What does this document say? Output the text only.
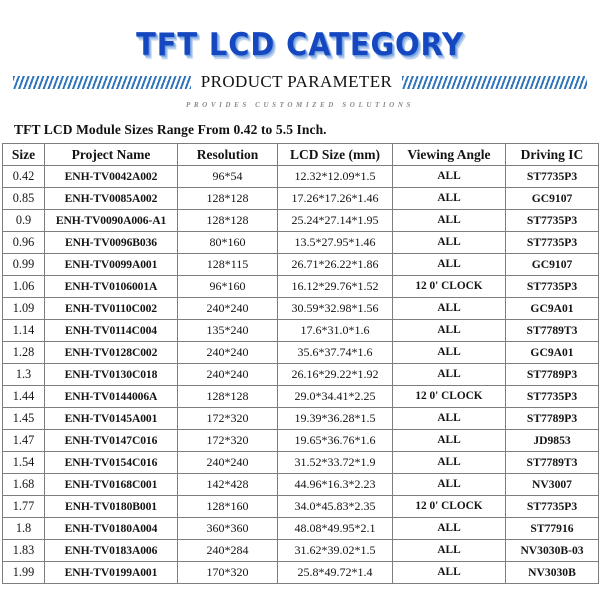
TFT LCD CATEGORY
PRODUCT PARAMETER
PROVIDES CUSTOMIZED SOLUTIONS
TFT LCD Module Sizes Range From 0.42 to 5.5 Inch.
Size	Project Name	Resolution	LCD Size (mm)	Viewing Angle	Driving IC
0.42	ENH-TV0042A002	96*54	12.32*12.09*1.5	ALL	ST7735P3
0.85	ENH-TV0085A002	128*128	17.26*17.26*1.46	ALL	GC9107
0.9	ENH-TV0090A006-A1	128*128	25.24*27.14*1.95	ALL	ST7735P3
0.96	ENH-TV0096B036	80*160	13.5*27.95*1.46	ALL	ST7735P3
0.99	ENH-TV0099A001	128*115	26.71*26.22*1.86	ALL	GC9107
1.06	ENH-TV0106001A	96*160	16.12*29.76*1.52	12 0' CLOCK	ST7735P3
1.09	ENH-TV0110C002	240*240	30.59*32.98*1.56	ALL	GC9A01
1.14	ENH-TV0114C004	135*240	17.6*31.0*1.6	ALL	ST7789T3
1.28	ENH-TV0128C002	240*240	35.6*37.74*1.6	ALL	GC9A01
1.3	ENH-TV0130C018	240*240	26.16*29.22*1.92	ALL	ST7789P3
1.44	ENH-TV0144006A	128*128	29.0*34.41*2.25	12 0' CLOCK	ST7735P3
1.45	ENH-TV0145A001	172*320	19.39*36.28*1.5	ALL	ST7789P3
1.47	ENH-TV0147C016	172*320	19.65*36.76*1.6	ALL	JD9853
1.54	ENH-TV0154C016	240*240	31.52*33.72*1.9	ALL	ST7789T3
1.68	ENH-TV0168C001	142*428	44.96*16.3*2.23	ALL	NV3007
1.77	ENH-TV0180B001	128*160	34.0*45.83*2.35	12 0' CLOCK	ST7735P3
1.8	ENH-TV0180A004	360*360	48.08*49.95*2.1	ALL	ST77916
1.83	ENH-TV0183A006	240*284	31.62*39.02*1.5	ALL	NV3030B-03
1.99	ENH-TV0199A001	170*320	25.8*49.72*1.4	ALL	NV3030B
